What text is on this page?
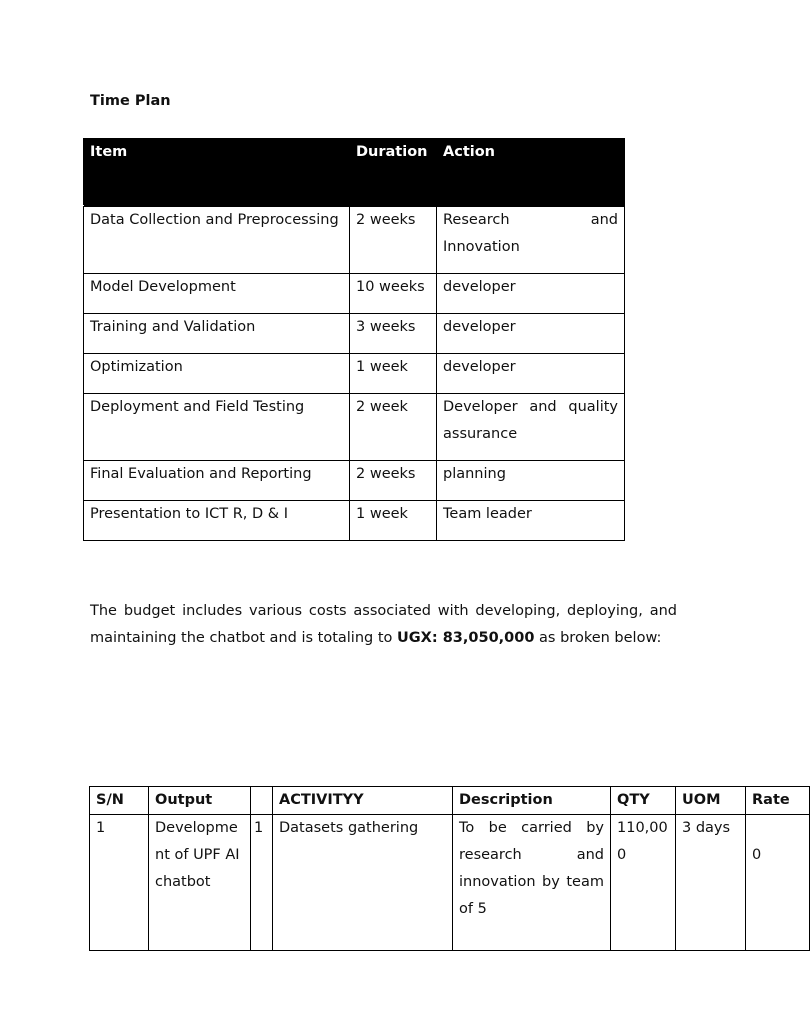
Time Plan
Item	Duration	Action
Data Collection and Preprocessing	2 weeks	Research and Innovation
Model Development	10 weeks	developer
Training and Validation	3 weeks	developer
Optimization	1 week	developer
Deployment and Field Testing	2 week	Developer and quality assurance
Final Evaluation and Reporting	2 weeks	planning
Presentation to ICT R, D & I	1 week	Team leader

The budget includes various costs associated with developing, deploying, and maintaining the chatbot and is totaling to UGX: 83,050,000 as broken below:

S/N	Output		ACTIVITYY	Description	QTY	UOM	Rate
1	Development of UPF AI chatbot	1	Datasets gathering	To be carried by research and innovation by team of 5	110,000	3 days	0
